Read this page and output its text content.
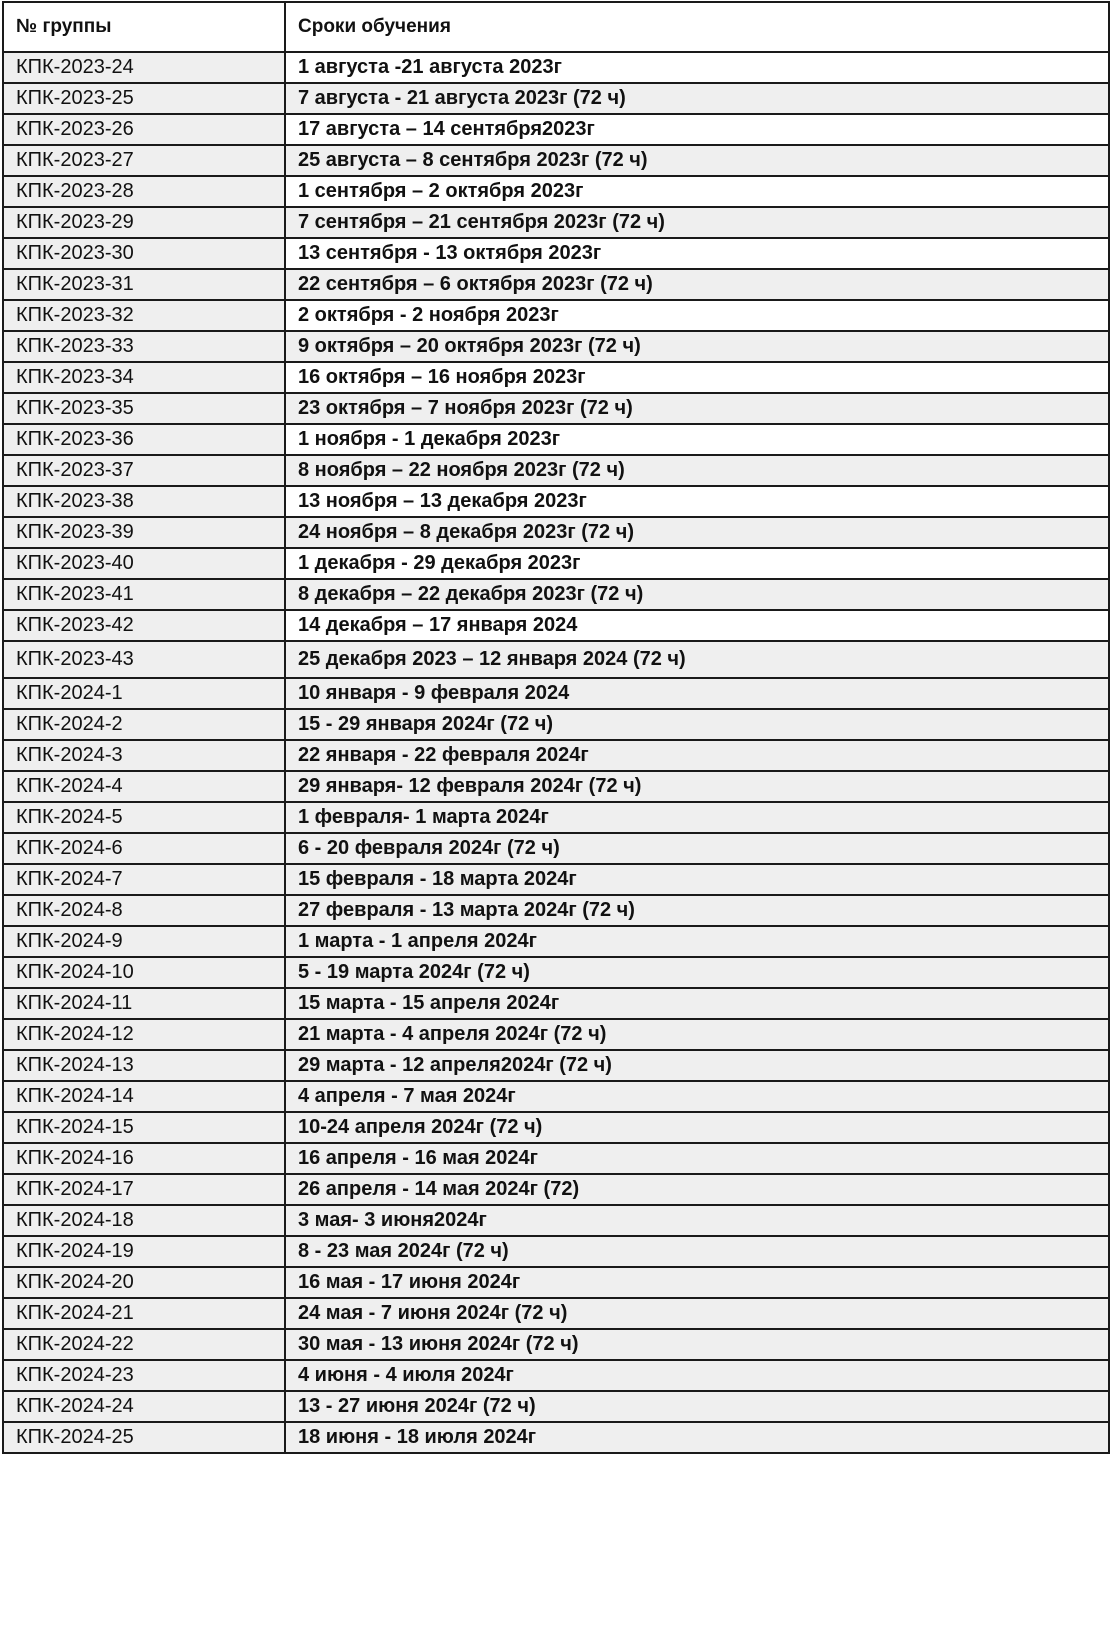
№ группы	Сроки обучения
КПК-2023-24	1 августа -21 августа 2023г
КПК-2023-25	7 августа - 21 августа 2023г (72 ч)
КПК-2023-26	17 августа – 14 сентября2023г
КПК-2023-27	25 августа – 8 сентября 2023г (72 ч)
КПК-2023-28	1 сентября – 2 октября 2023г
КПК-2023-29	7 сентября – 21 сентября 2023г (72 ч)
КПК-2023-30	13 сентября - 13 октября 2023г
КПК-2023-31	22 сентября – 6 октября 2023г (72 ч)
КПК-2023-32	2 октября - 2 ноября 2023г
КПК-2023-33	9 октября – 20 октября 2023г (72 ч)
КПК-2023-34	16 октября – 16 ноября 2023г
КПК-2023-35	23 октября – 7 ноября 2023г (72 ч)
КПК-2023-36	1 ноября - 1 декабря 2023г
КПК-2023-37	8 ноября – 22 ноября 2023г (72 ч)
КПК-2023-38	13 ноября – 13 декабря 2023г
КПК-2023-39	24 ноября – 8 декабря 2023г (72 ч)
КПК-2023-40	1 декабря - 29 декабря 2023г
КПК-2023-41	8 декабря – 22 декабря 2023г (72 ч)
КПК-2023-42	14 декабря – 17 января 2024
КПК-2023-43	25 декабря 2023 – 12 января 2024 (72 ч)
КПК-2024-1	10 января - 9 февраля 2024
КПК-2024-2	15 - 29 января 2024г (72 ч)
КПК-2024-3	22 января - 22 февраля 2024г
КПК-2024-4	29 января- 12 февраля 2024г (72 ч)
КПК-2024-5	1 февраля- 1 марта 2024г
КПК-2024-6	6 - 20 февраля 2024г (72 ч)
КПК-2024-7	15 февраля - 18 марта 2024г
КПК-2024-8	27 февраля - 13 марта 2024г (72 ч)
КПК-2024-9	1 марта - 1 апреля 2024г
КПК-2024-10	5 - 19 марта 2024г (72 ч)
КПК-2024-11	15 марта - 15 апреля 2024г
КПК-2024-12	21 марта - 4 апреля 2024г (72 ч)
КПК-2024-13	29 марта - 12 апреля2024г (72 ч)
КПК-2024-14	4 апреля - 7 мая 2024г
КПК-2024-15	10-24 апреля 2024г (72 ч)
КПК-2024-16	16 апреля - 16 мая 2024г
КПК-2024-17	26 апреля - 14 мая 2024г (72)
КПК-2024-18	3 мая- 3 июня2024г
КПК-2024-19	8 - 23 мая 2024г (72 ч)
КПК-2024-20	16 мая - 17 июня 2024г
КПК-2024-21	24 мая - 7 июня 2024г (72 ч)
КПК-2024-22	30 мая - 13 июня 2024г (72 ч)
КПК-2024-23	4 июня - 4 июля 2024г
КПК-2024-24	13 - 27 июня 2024г (72 ч)
КПК-2024-25	18 июня - 18 июля 2024г
